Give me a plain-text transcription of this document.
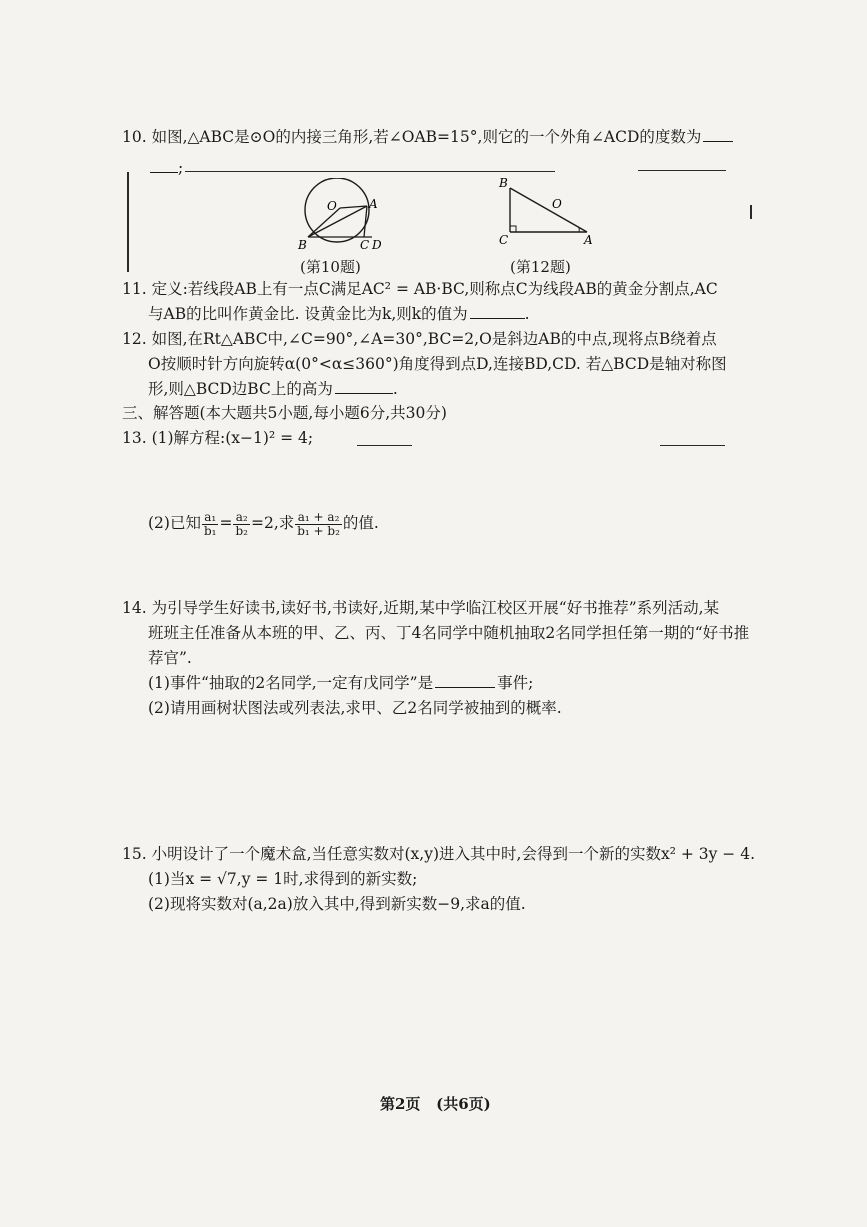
10. 如图,△ABC是⊙O的内接三角形,若∠OAB=15°,则它的一个外角∠ACD的度数为
;
O	A
B	C D
(第10题)
B
O
C	A
(第12题)
11. 定义:若线段AB上有一点C满足AC² = AB·BC,则称点C为线段AB的黄金分割点,AC
与AB的比叫作黄金比. 设黄金比为k,则k的值为	.
12. 如图,在Rt△ABC中,∠C=90°,∠A=30°,BC=2,O是斜边AB的中点,现将点B绕着点
O按顺时针方向旋转α(0°<α≤360°)角度得到点D,连接BD,CD. 若△BCD是轴对称图
形,则△BCD边BC上的高为	.
三、解答题(本大题共5小题,每小题6分,共30分)
13. (1)解方程:(x−1)² = 4;
(2)已知 $\frac{\text{a₁}}{\text{b₁}} = \frac{\text{a₂}}{\text{b₂}} =2$,求 $\frac{\text{a₁ + a₂}}{\text{b₁ + b₂}}$ 的值.
14. 为引导学生好读书,读好书,书读好,近期,某中学临江校区开展“好书推荐”系列活动,某
班班主任准备从本班的甲、乙、丙、丁4名同学中随机抽取2名同学担任第一期的“好书推
荐官”.
(1)事件“抽取的2名同学,一定有戊同学”是	事件;
(2)请用画树状图法或列表法,求甲、乙2名同学被抽到的概率.
15. 小明设计了一个魔术盒,当任意实数对(x,y)进入其中时,会得到一个新的实数x² + 3y − 4.
(1)当x = √7,y = 1时,求得到的新实数;
(2)现将实数对(a,2a)放入其中,得到新实数−9,求a的值.
第2页   (共6页)
